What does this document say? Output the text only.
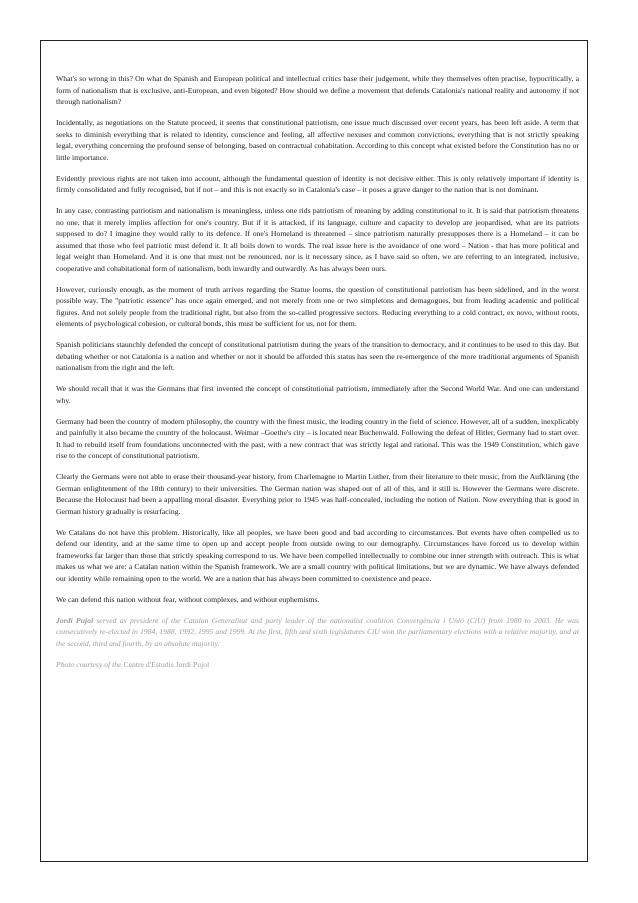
What's so wrong in this? On what do Spanish and European political and intellectual critics base their judgement, while they themselves often practise, hypocritically, a form of nationalism that is exclusive, anti-European, and even bigoted? How should we define a movement that defends Catalonia's national reality and autonomy if not through nationalism?

Incidentally, as negotiations on the Statute proceed, it seems that constitutional patriotism, one issue much discussed over recent years, has been left aside. A term that seeks to diminish everything that is related to identity, conscience and feeling, all affective nexuses and common convictions, everything that is not strictly speaking legal, everything concerning the profound sense of belonging, based on contractual cohabitation. According to this concept what existed before the Constitution has no or little importance.

Evidently previous rights are not taken into account, although the fundamental question of identity is not decisive either. This is only relatively important if identity is firmly consolidated and fully recognised, but if not – and this is not exactly so in Catalonia's case – it poses a grave danger to the nation that is not dominant.

In any case, contrasting patriotism and nationalism is meaningless, unless one rids patriotism of meaning by adding constitutional to it. It is said that patriotism threatens no one, that it merely implies affection for one's country. But if it is attacked, if its language, culture and capacity to develop are jeopardised, what are its patriots supposed to do? I imagine they would rally to its defence. If one's Homeland is threatened – since patriotism naturally presupposes there is a Homeland – it can be assumed that those who feel patriotic must defend it. It all boils down to words. The real issue here is the avoidance of one word – Nation - that has more political and legal weight than Homeland. And it is one that must not be renounced, nor is it necessary since, as I have said so often, we are referring to an integrated, inclusive, cooperative and cohabitational form of nationalism, both inwardly and outwardly. As has always been ours.

However, curiously enough, as the moment of truth arrives regarding the Statue looms, the question of constitutional patriotism has been sidelined, and in the worst possible way. The "patriotic essence" has once again emerged, and not merely from one or two simpletons and demagogues, but from leading academic and political figures. And not solely people from the traditional right, but also from the so-called progressive sectors. Reducing everything to a cold contract, ex novo, without roots, elements of psychological cohesion, or cultural bonds, this must be sufficient for us, not for them.

Spanish politicians staunchly defended the concept of constitutional patriotism during the years of the transition to democracy, and it continues to be used to this day. But debating whether or not Catalonia is a nation and whether or not it should be afforded this status has seen the re-emergence of the more traditional arguments of Spanish nationalism from the right and the left.

We should recall that it was the Germans that first invented the concept of constitutional patriotism, immediately after the Second World War. And one can understand why.

Germany had been the country of modern philosophy, the country with the finest music, the leading country in the field of science. However, all of a sudden, inexplicably and painfully it also became the country of the holocaust. Weimar –Goethe's city – is located near Buchenwald. Following the defeat of Hitler, Germany had to start over. It had to rebuild itself from foundations unconnected with the past, with a new contract that was strictly legal and rational. This was the 1949 Constitution, which gave rise to the concept of constitutional patriotism.

Clearly the Germans were not able to erase their thousand-year history, from Charlemagne to Martin Luther, from their literature to their music, from the Aufklärung (the German enlightenment of the 18th century) to their universities. The German nation was shaped out of all of this, and it still is. However the Germans were discrete. Because the Holocaust had been a appalling moral disaster. Everything prior to 1945 was half-concealed, including the notion of Nation. Now everything that is good in German history gradually is resurfacing.

We Catalans do not have this problem. Historically, like all peoples, we have been good and bad according to circumstances. But events have often compelled us to defend our identity, and at the same time to open up and accept people from outside owing to our demography. Circumstances have forced us to develop within frameworks far larger than those that strictly speaking correspond to us. We have been compelled intellectually to combine our inner strength with outreach. This is what makes us what we are: a Catalan nation within the Spanish framework. We are a small country with political limitations, but we are dynamic. We have always defended our identity while remaining open to the world. We are a nation that has always been committed to coexistence and peace.

We can defend this nation without fear, without complexes, and without euphemisms.

Jordi Pujol served as president of the Catalan Generalitat and party leader of the nationalist coalition Convergència i Unió (CiU) from 1980 to 2003. He was consecutively re-elected in 1984, 1988, 1992, 1995 and 1999. At the first, fifth and sixth legislatures CiU won the parliamentary elections with a relative majority, and at the second, third and fourth, by an absolute majority.

Photo courtesy of the Centre d'Estudis Jordi Pujol
